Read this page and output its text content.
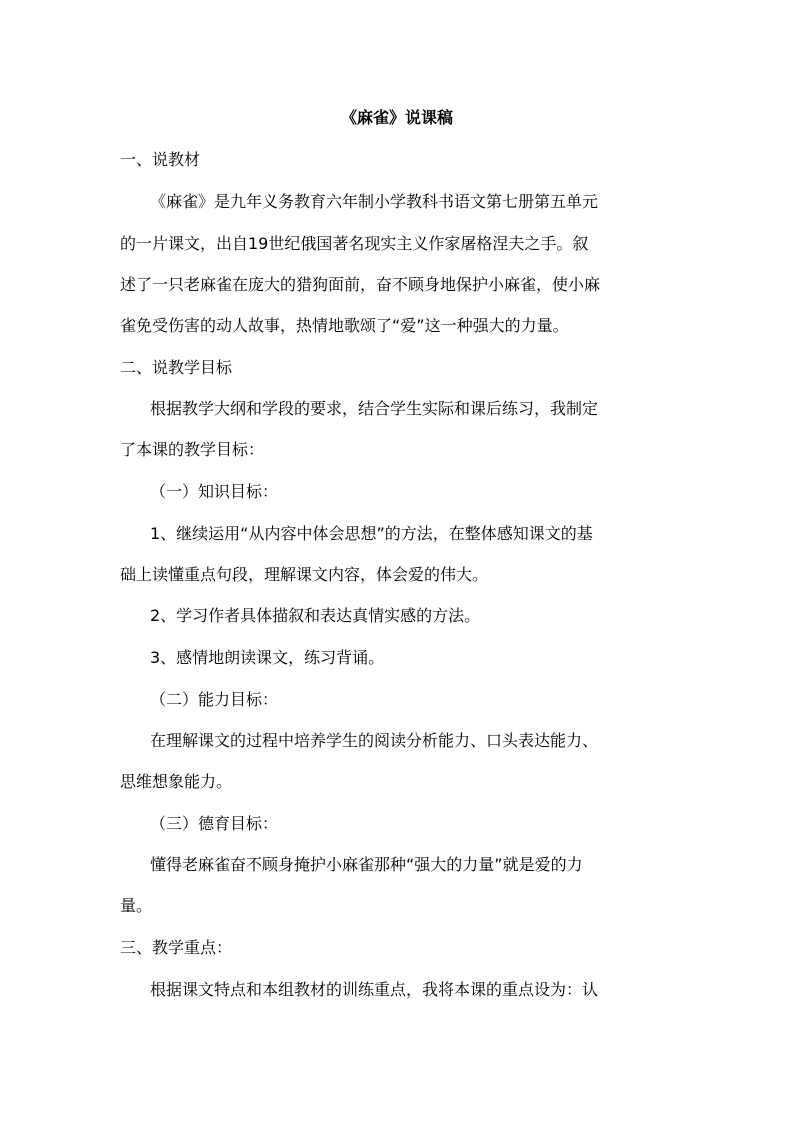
《麻雀》说课稿

一、说教材

《麻雀》是九年义务教育六年制小学教科书语文第七册第五单元

的一片课文，出自19世纪俄国著名现实主义作家屠格涅夫之手。叙

述了一只老麻雀在庞大的猎狗面前，奋不顾身地保护小麻雀，使小麻

雀免受伤害的动人故事，热情地歌颂了“爱”这一种强大的力量。

二、说教学目标

根据教学大纲和学段的要求，结合学生实际和课后练习，我制定

了本课的教学目标：

（一）知识目标：

1、继续运用“从内容中体会思想”的方法，在整体感知课文的基

础上读懂重点句段，理解课文内容，体会爱的伟大。

2、学习作者具体描叙和表达真情实感的方法。

3、感情地朗读课文，练习背诵。

（二）能力目标：

在理解课文的过程中培养学生的阅读分析能力、口头表达能力、

思维想象能力。

（三）德育目标：

懂得老麻雀奋不顾身掩护小麻雀那种“强大的力量”就是爱的力

量。

三、教学重点：

根据课文特点和本组教材的训练重点，我将本课的重点设为：认
